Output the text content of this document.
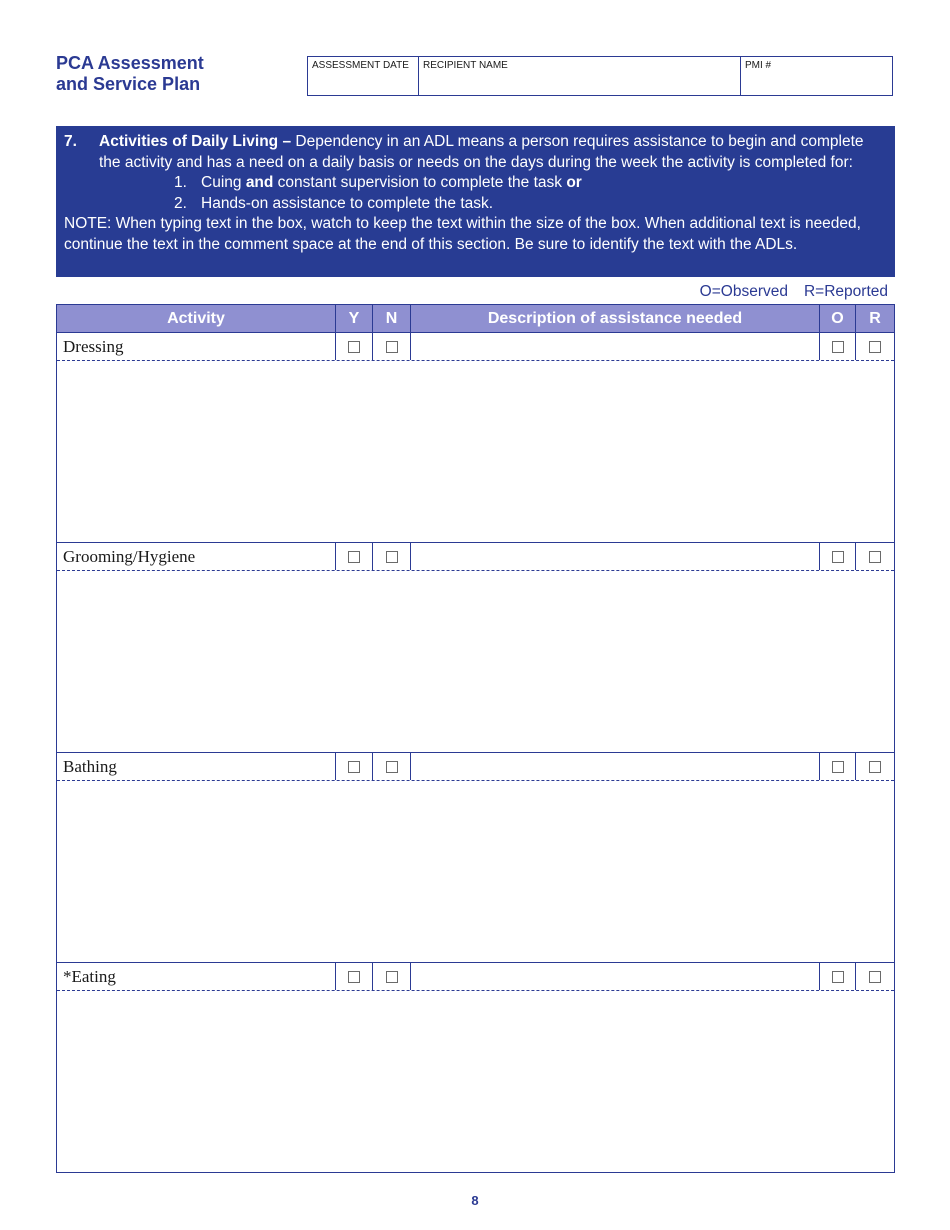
PCA Assessment
and Service Plan
ASSESSMENT DATE	RECIPIENT NAME	PMI #
7. Activities of Daily Living – Dependency in an ADL means a person requires assistance to begin and complete the activity and has a need on a daily basis or needs on the days during the week the activity is completed for:
1. Cuing and constant supervision to complete the task or
2. Hands-on assistance to complete the task.
NOTE: When typing text in the box, watch to keep the text within the size of the box. When additional text is needed, continue the text in the comment space at the end of this section. Be sure to identify the text with the ADLs.
O=Observed R=Reported
Activity	Y	N	Description of assistance needed	O	R
Dressing
Grooming/Hygiene
Bathing
*Eating
8
